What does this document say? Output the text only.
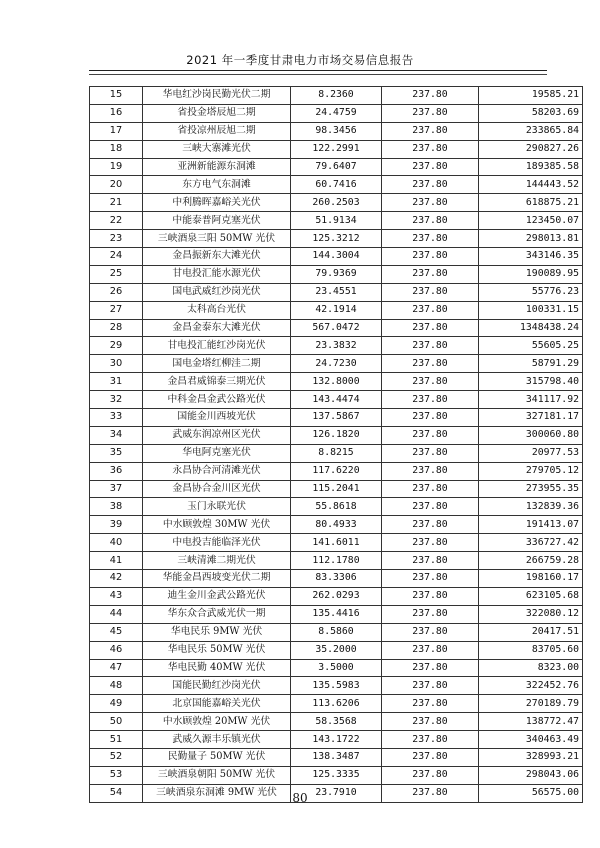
2021 年一季度甘肃电力市场交易信息报告
15	华电红沙岗民勤光伏二期	8.2360	237.80	19585.21
16	省投金塔辰旭二期	24.4759	237.80	58203.69
17	省投凉州辰旭二期	98.3456	237.80	233865.84
18	三峡大寨滩光伏	122.2991	237.80	290827.26
19	亚洲新能源东洞滩	79.6407	237.80	189385.58
20	东方电气东洞滩	60.7416	237.80	144443.52
21	中利腾晖嘉峪关光伏	260.2503	237.80	618875.21
22	中能泰普阿克塞光伏	51.9134	237.80	123450.07
23	三峡酒泉三阳 50MW 光伏	125.3212	237.80	298013.81
24	金昌振新东大滩光伏	144.3004	237.80	343146.35
25	甘电投汇能水源光伏	79.9369	237.80	190089.95
26	国电武威红沙岗光伏	23.4551	237.80	55776.23
27	太科高台光伏	42.1914	237.80	100331.15
28	金昌金泰东大滩光伏	567.0472	237.80	1348438.24
29	甘电投汇能红沙岗光伏	23.3832	237.80	55605.25
30	国电金塔红柳洼二期	24.7230	237.80	58791.29
31	金昌君威锦泰三期光伏	132.8000	237.80	315798.40
32	中科金昌金武公路光伏	143.4474	237.80	341117.92
33	国能金川西坡光伏	137.5867	237.80	327181.17
34	武威东润凉州区光伏	126.1820	237.80	300060.80
35	华电阿克塞光伏	8.8215	237.80	20977.53
36	永昌协合河清滩光伏	117.6220	237.80	279705.12
37	金昌协合金川区光伏	115.2041	237.80	273955.35
38	玉门永联光伏	55.8618	237.80	132839.36
39	中水顾敦煌 30MW 光伏	80.4933	237.80	191413.07
40	中电投吉能临泽光伏	141.6011	237.80	336727.42
41	三峡清滩二期光伏	112.1780	237.80	266759.28
42	华能金昌西坡变光伏二期	83.3306	237.80	198160.17
43	迪生金川金武公路光伏	262.0293	237.80	623105.68
44	华东众合武威光伏一期	135.4416	237.80	322080.12
45	华电民乐 9MW 光伏	8.5860	237.80	20417.51
46	华电民乐 50MW 光伏	35.2000	237.80	83705.60
47	华电民勤 40MW 光伏	3.5000	237.80	8323.00
48	国能民勤红沙岗光伏	135.5983	237.80	322452.76
49	北京国能嘉峪关光伏	113.6206	237.80	270189.79
50	中水顾敦煌 20MW 光伏	58.3568	237.80	138772.47
51	武威久源丰乐镇光伏	143.1722	237.80	340463.49
52	民勤量子 50MW 光伏	138.3487	237.80	328993.21
53	三峡酒泉朝阳 50MW 光伏	125.3335	237.80	298043.06
54	三峡酒泉东洞滩 9MW 光伏	23.7910	237.80	56575.00
80
